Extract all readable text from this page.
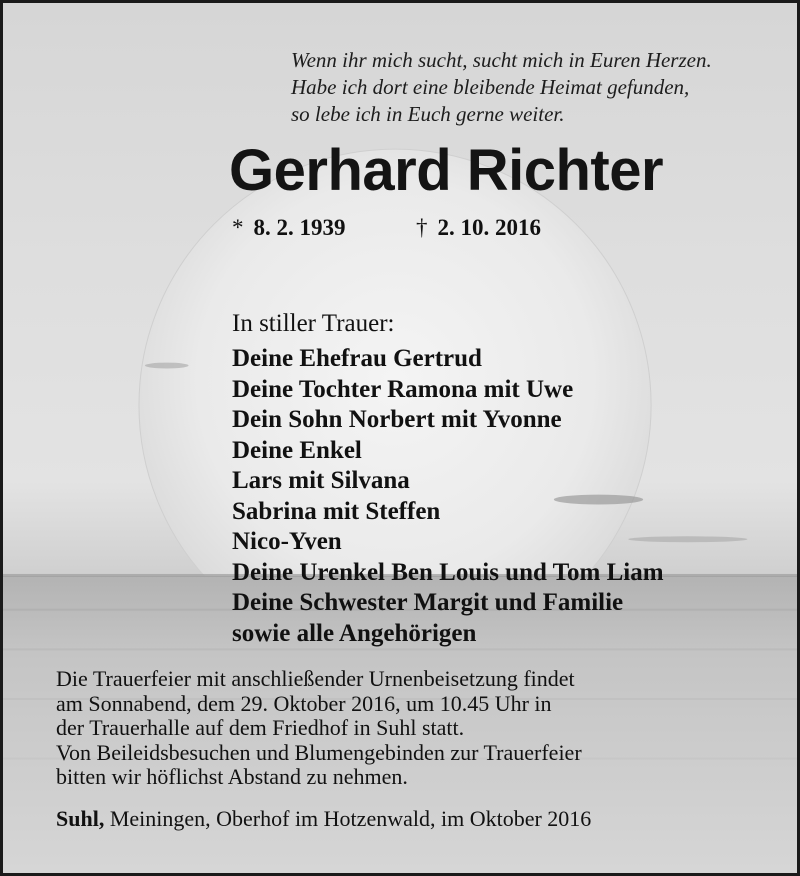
Wenn ihr mich sucht, sucht mich in Euren Herzen.
Habe ich dort eine bleibende Heimat gefunden,
so lebe ich in Euch gerne weiter.
Gerhard Richter
* 8. 2. 1939	† 2. 10. 2016
In stiller Trauer:
Deine Ehefrau Gertrud
Deine Tochter Ramona mit Uwe
Dein Sohn Norbert mit Yvonne
Deine Enkel
Lars mit Silvana
Sabrina mit Steffen
Nico-Yven
Deine Urenkel Ben Louis und Tom Liam
Deine Schwester Margit und Familie
sowie alle Angehörigen
Die Trauerfeier mit anschließender Urnenbeisetzung findet
am Sonnabend, dem 29. Oktober 2016, um 10.45 Uhr in
der Trauerhalle auf dem Friedhof in Suhl statt.
Von Beileidsbesuchen und Blumengebinden zur Trauerfeier
bitten wir höflichst Abstand zu nehmen.
Suhl, Meiningen, Oberhof im Hotzenwald, im Oktober 2016
